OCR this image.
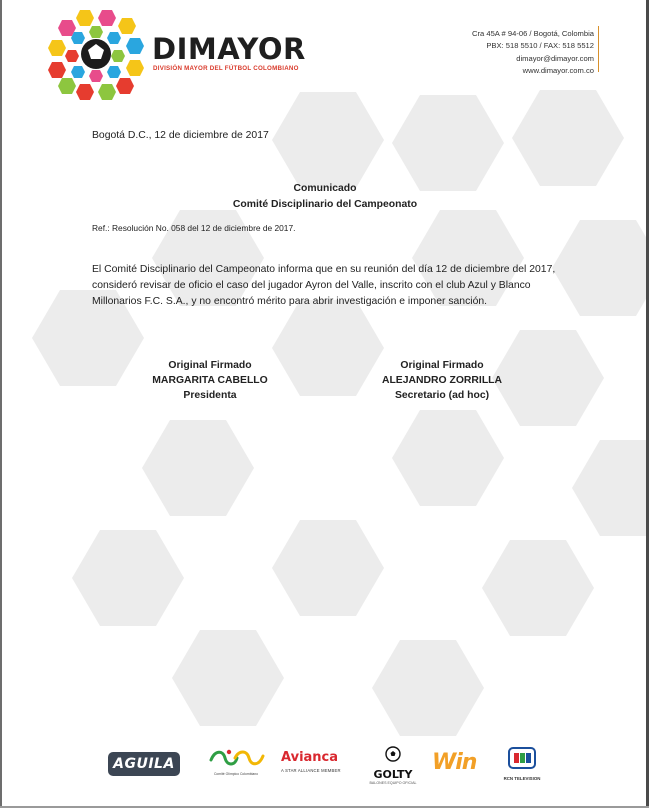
DIMAYOR
DIVISIÓN MAYOR DEL FÚTBOL COLOMBIANO
Cra 45A # 94-06 / Bogotá, Colombia
PBX: 518 5510 / FAX: 518 5512
dimayor@dimayor.com
www.dimayor.com.co
Bogotá D.C., 12 de diciembre de 2017
Comunicado
Comité Disciplinario del Campeonato
Ref.: Resolución No. 058 del 12 de diciembre de 2017.
El Comité Disciplinario del Campeonato informa que en su reunión del día 12 de diciembre del 2017, consideró revisar de oficio el caso del jugador Ayron del Valle, inscrito con el club Azul y Blanco Millonarios F.C. S.A., y no encontró mérito para abrir investigación e imponer sanción.
Original Firmado
MARGARITA CABELLO
Presidenta
Original Firmado
ALEJANDRO ZORRILLA
Secretario (ad hoc)
AGUILA
Comité Olímpico Colombiano
Avianca
A STAR ALLIANCE MEMBER	GOLTY
BALONES EQUIPO OFICIAL
Win
RCN TELEVISION
